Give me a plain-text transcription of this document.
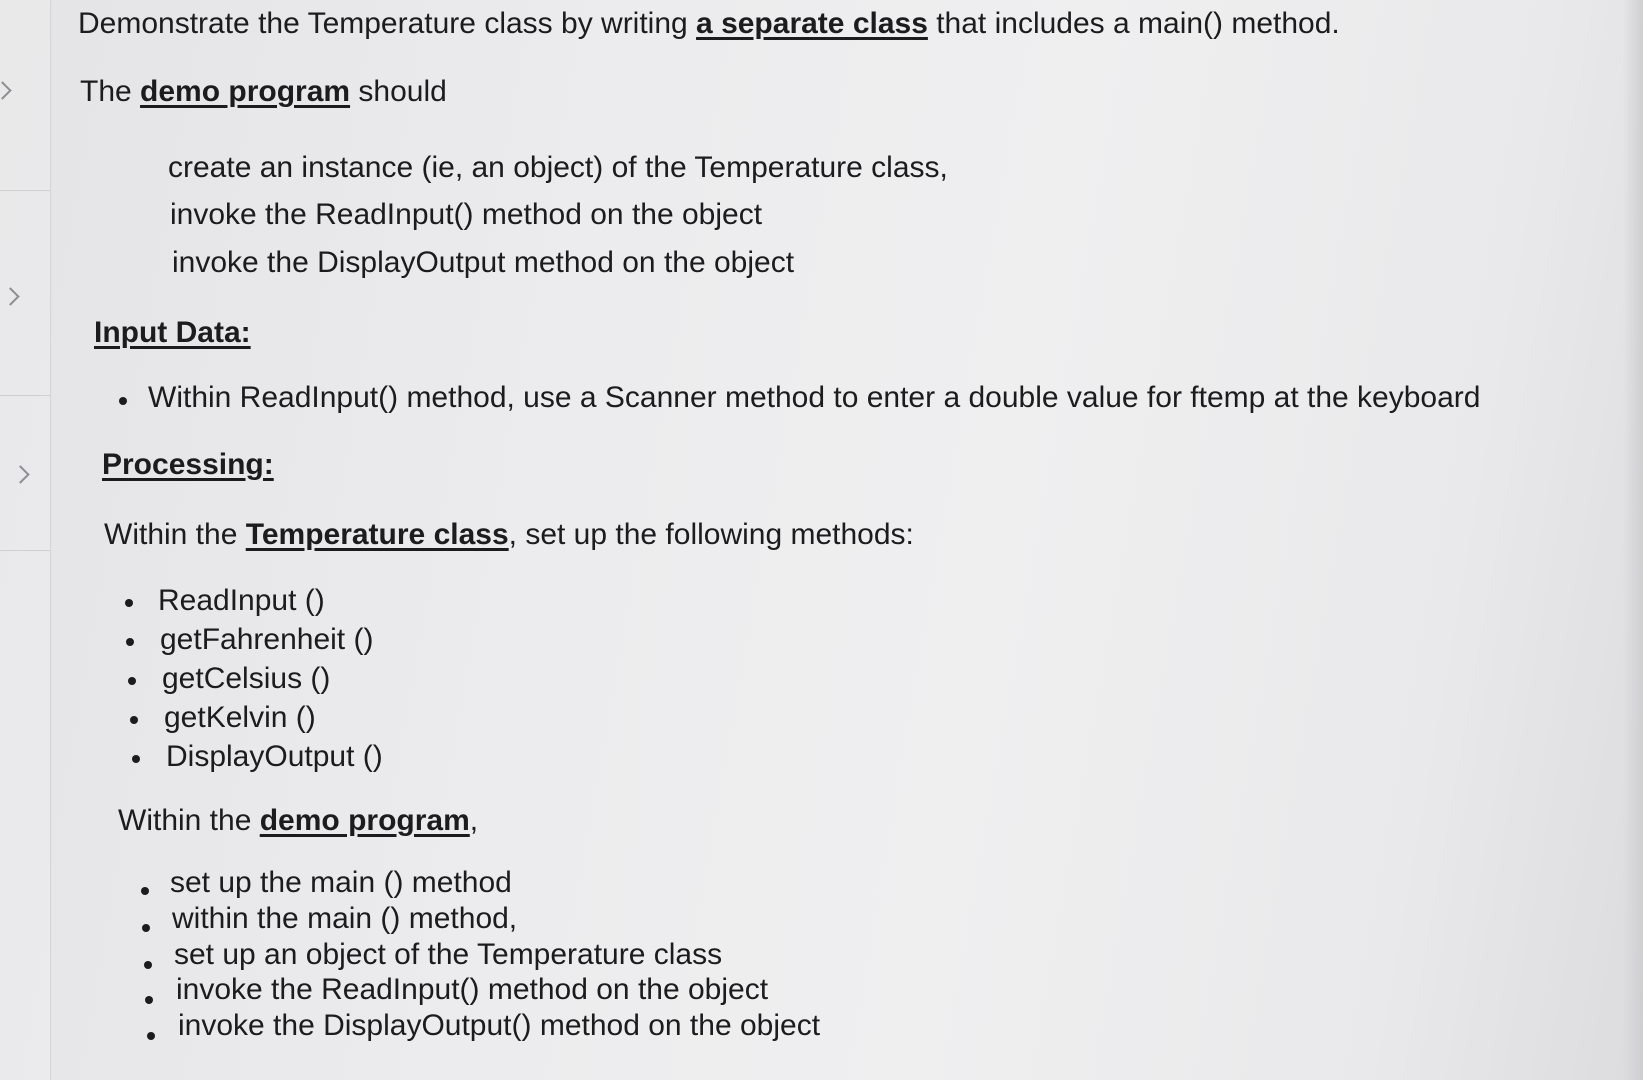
Demonstrate the Temperature class by writing a separate class that includes a main() method.

The demo program should

create an instance (ie, an object) of the Temperature class,

invoke the ReadInput() method on the object

invoke the DisplayOutput method on the object

Input Data:

Within ReadInput() method, use a Scanner method to enter a double value for ftemp at the keyboard

Processing:

Within the Temperature class, set up the following methods:

ReadInput ()

getFahrenheit ()

getCelsius ()

getKelvin ()

DisplayOutput ()

Within the demo program,

set up the main () method

within the main () method,

set up an object of the Temperature class

invoke the ReadInput() method on the object

invoke the DisplayOutput() method on the object
